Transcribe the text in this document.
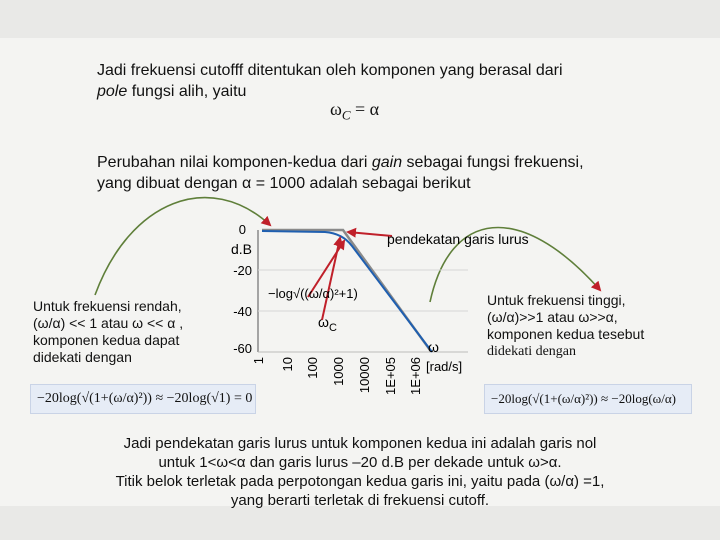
Jadi frekuensi cutofff ditentukan oleh komponen yang berasal dari
pole fungsi alih, yaitu
$\omega_C = \alpha$
Perubahan nilai komponen-kedua dari gain sebagai fungsi frekuensi,
yang dibuat dengan α = 1000 adalah sebagai berikut
0
-20
-40
-60
d.B
1 10 100 1000 10000 1E+05 1E+06
pendekatan garis lurus
−log√((ω/α)²+1)
$\omega_C$
ω
[rad/s]
Untuk frekuensi rendah,
(ω/α) << 1 atau ω << α ,
komponen kedua dapat
didekati dengan
−20log(√(1+(ω/α)²)) ≈ −20log(√1) = 0
Untuk frekuensi tinggi,
(ω/α)>>1 atau ω>>α,
komponen kedua tesebut
didekati dengan
−20log(√(1+(ω/α)²)) ≈ −20log(ω/α)
Jadi pendekatan garis lurus untuk komponen kedua ini adalah garis nol
untuk 1<ω<α dan garis lurus –20 d.B per dekade untuk ω>α.
Titik belok terletak pada perpotongan kedua garis ini, yaitu pada (ω/α) =1,
yang berarti terletak di frekuensi cutoff.
